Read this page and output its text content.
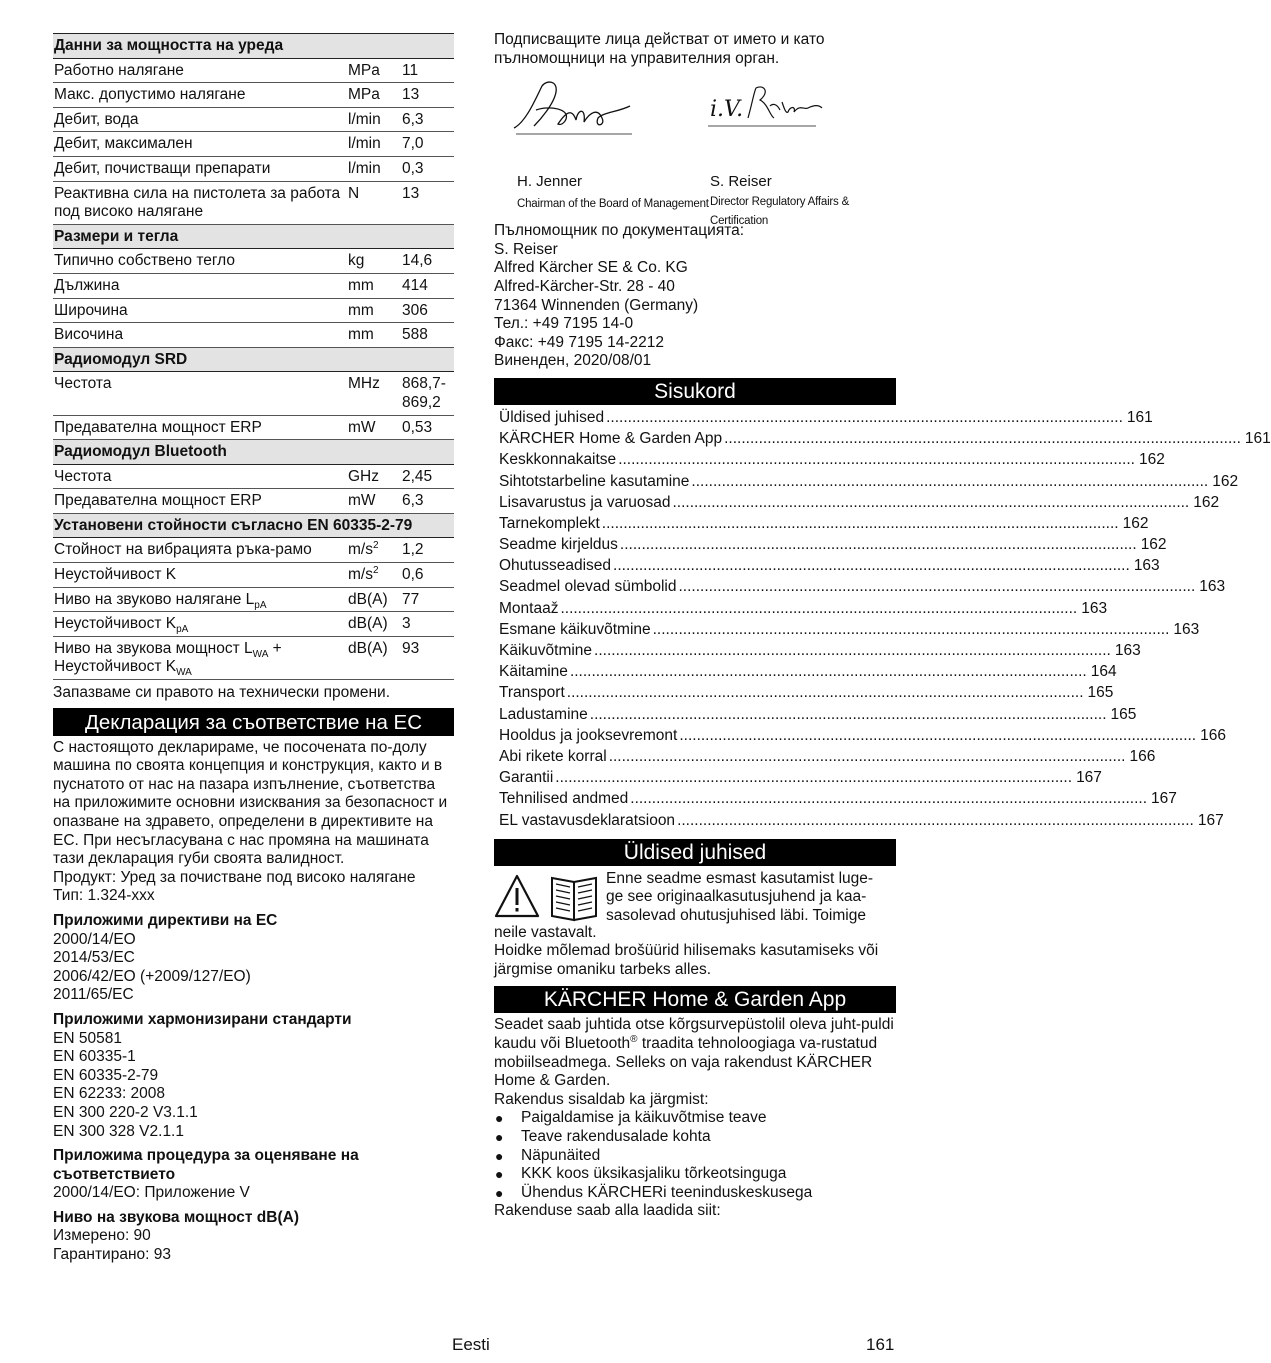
Данни за мощността на уреда		
Работно налягане	MPa	11
Макс. допустимо налягане	MPa	13
Дебит, вода	l/min	6,3
Дебит, максимален	l/min	7,0
Дебит, почистващи препарати	l/min	0,3
Реактивна сила на пистолета за работа под високо налягане	N	13
Размери и тегла		
Типично собствено тегло	kg	14,6
Дължина	mm	414
Широчина	mm	306
Височина	mm	588
Радиомодул SRD		
Честота	MHz	868,7-
869,2
Предавателна мощност ERP	mW	0,53
Радиомодул Bluetooth		
Честота	GHz	2,45
Предавателна мощност ERP	mW	6,3
Установени стойности съгласно EN 60335-2-79		
Стойност на вибрацията ръка-рамо	$m/s^2$	1,2
Неустойчивост K	$m/s^2$	0,6
Ниво на звуково налягане $L_{pA}$	dB(A)	77
Неустойчивост $K_{pA}$	dB(A)	3
Ниво на звукова мощност $L_{WA}$ +
Неустойчивост $K_{WA}$	dB(A)	93

Запазваме си правото на технически промени.

Декларация за съответствие на ЕС

С настоящото декларираме, че посочената по-долу машина по своята концепция и конструкция, както и в пуснатото от нас на пазара изпълнение, съответства на приложимите основни изисквания за безопасност и опазване на здравето, определени в директивите на ЕС. При несъгласувана с нас промяна на машината тази декларация губи своята валидност.

Продукт: Уред за почистване под високо налягане

Тип: 1.324-xxx

Приложими директиви на ЕС

2000/14/EO

2014/53/EC

2006/42/EO (+2009/127/EO)

2011/65/EC

Приложими хармонизирани стандарти

EN 50581

EN 60335-1

EN 60335-2-79

EN 62233: 2008

EN 300 220-2 V3.1.1

EN 300 328 V2.1.1

Приложима процедура за оценяване на съответствието

2000/14/EO: Приложение V

Ниво на звукова мощност dB(A)

Измерено: 90

Гарантирано: 93

Подписващите лица действат от името и като пълномощници на управителния орган.

i.V.
H. Jenner
Chairman of the Board of Management
S. Reiser
Director Regulatory Affairs & Certification

Пълномощник по документацията:

S. Reiser

Alfred Kärcher SE & Co. KG

Alfred-Kärcher-Str. 28 - 40

71364 Winnenden (Germany)

Тел.: +49 7195 14-0

Факс: +49 7195 14-2212

Виненден, 2020/08/01

Sisukord
Üldised juhised ........................................................................................................................ 161
KÄRCHER Home & Garden App ........................................................................................................................ 161
Keskkonnakaitse ........................................................................................................................ 162
Sihtotstarbeline kasutamine ........................................................................................................................ 162
Lisavarustus ja varuosad ........................................................................................................................ 162
Tarnekomplekt ........................................................................................................................ 162
Seadme kirjeldus ........................................................................................................................ 162
Ohutusseadised ........................................................................................................................ 163
Seadmel olevad sümbolid ........................................................................................................................ 163
Montaaž ........................................................................................................................ 163
Esmane käikuvõtmine ........................................................................................................................ 163
Käikuvõtmine ........................................................................................................................ 163
Käitamine ........................................................................................................................ 164
Transport ........................................................................................................................ 165
Ladustamine ........................................................................................................................ 165
Hooldus ja jooksevremont ........................................................................................................................ 166
Abi rikete korral ........................................................................................................................ 166
Garantii ........................................................................................................................ 167
Tehnilised andmed ........................................................................................................................ 167
EL vastavusdeklaratsioon ........................................................................................................................ 167
Üldised juhised

Enne seadme esmast kasutamist luge-

ge see originaalkasutusjuhend ja kaa-

sasolevad ohutusjuhised läbi. Toimige

neile vastavalt.

Hoidke mõlemad brošüürid hilisemaks kasutamiseks või järgmise omaniku tarbeks alles.

KÄRCHER Home & Garden App

Seadet saab juhtida otse kõrgsurvepüstolil oleva juht-puldi kaudu või Bluetooth® traadita tehnoloogiaga va-rustatud mobiilseadmega. Selleks on vaja rakendust KÄRCHER Home & Garden.

Rakendus sisaldab ka järgmist:

● Paigaldamise ja käikuvõtmise teave
● Teave rakendusalade kohta
● Näpunäited
● KKK koos üksikasjaliku tõrkeotsinguga
● Ühendus KÄRCHERi teeninduskeskusega

Rakenduse saab alla laadida siit:

Eesti	161
